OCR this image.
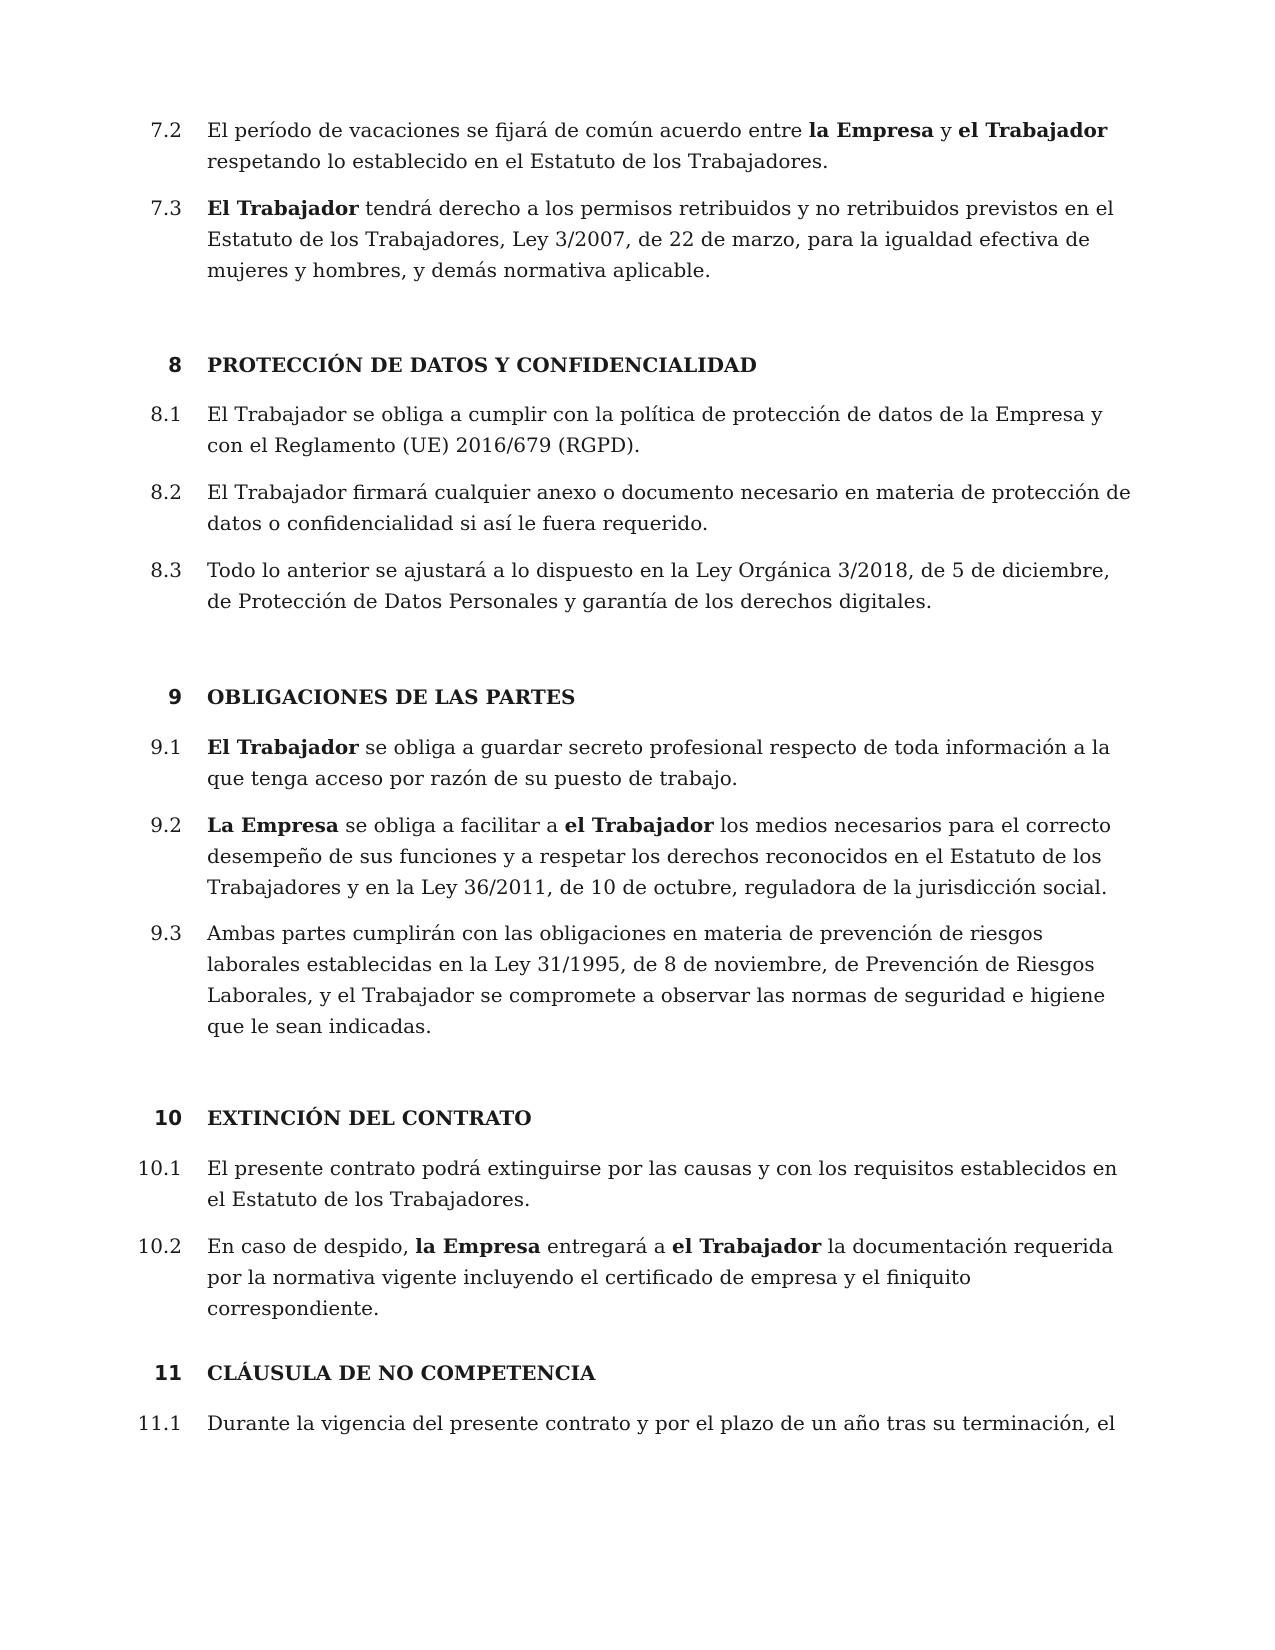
7.2 El período de vacaciones se fijará de común acuerdo entre la Empresa y el Trabajador respetando lo establecido en el Estatuto de los Trabajadores.
7.3 El Trabajador tendrá derecho a los permisos retribuidos y no retribuidos previstos en el Estatuto de los Trabajadores, Ley 3/2007, de 22 de marzo, para la igualdad efectiva de mujeres y hombres, y demás normativa aplicable.
8 PROTECCIÓN DE DATOS Y CONFIDENCIALIDAD
8.1 El Trabajador se obliga a cumplir con la política de protección de datos de la Empresa y con el Reglamento (UE) 2016/679 (RGPD).
8.2 El Trabajador firmará cualquier anexo o documento necesario en materia de protección de datos o confidencialidad si así le fuera requerido.
8.3 Todo lo anterior se ajustará a lo dispuesto en la Ley Orgánica 3/2018, de 5 de diciembre, de Protección de Datos Personales y garantía de los derechos digitales.
9 OBLIGACIONES DE LAS PARTES
9.1 El Trabajador se obliga a guardar secreto profesional respecto de toda información a la que tenga acceso por razón de su puesto de trabajo.
9.2 La Empresa se obliga a facilitar a el Trabajador los medios necesarios para el correcto desempeño de sus funciones y a respetar los derechos reconocidos en el Estatuto de los Trabajadores y en la Ley 36/2011, de 10 de octubre, reguladora de la jurisdicción social.
9.3 Ambas partes cumplirán con las obligaciones en materia de prevención de riesgos laborales establecidas en la Ley 31/1995, de 8 de noviembre, de Prevención de Riesgos Laborales, y el Trabajador se compromete a observar las normas de seguridad e higiene que le sean indicadas.
10 EXTINCIÓN DEL CONTRATO
10.1 El presente contrato podrá extinguirse por las causas y con los requisitos establecidos en el Estatuto de los Trabajadores.
10.2 En caso de despido, la Empresa entregará a el Trabajador la documentación requerida por la normativa vigente incluyendo el certificado de empresa y el finiquito correspondiente.
11 CLÁUSULA DE NO COMPETENCIA
11.1 Durante la vigencia del presente contrato y por el plazo de un año tras su terminación, el
